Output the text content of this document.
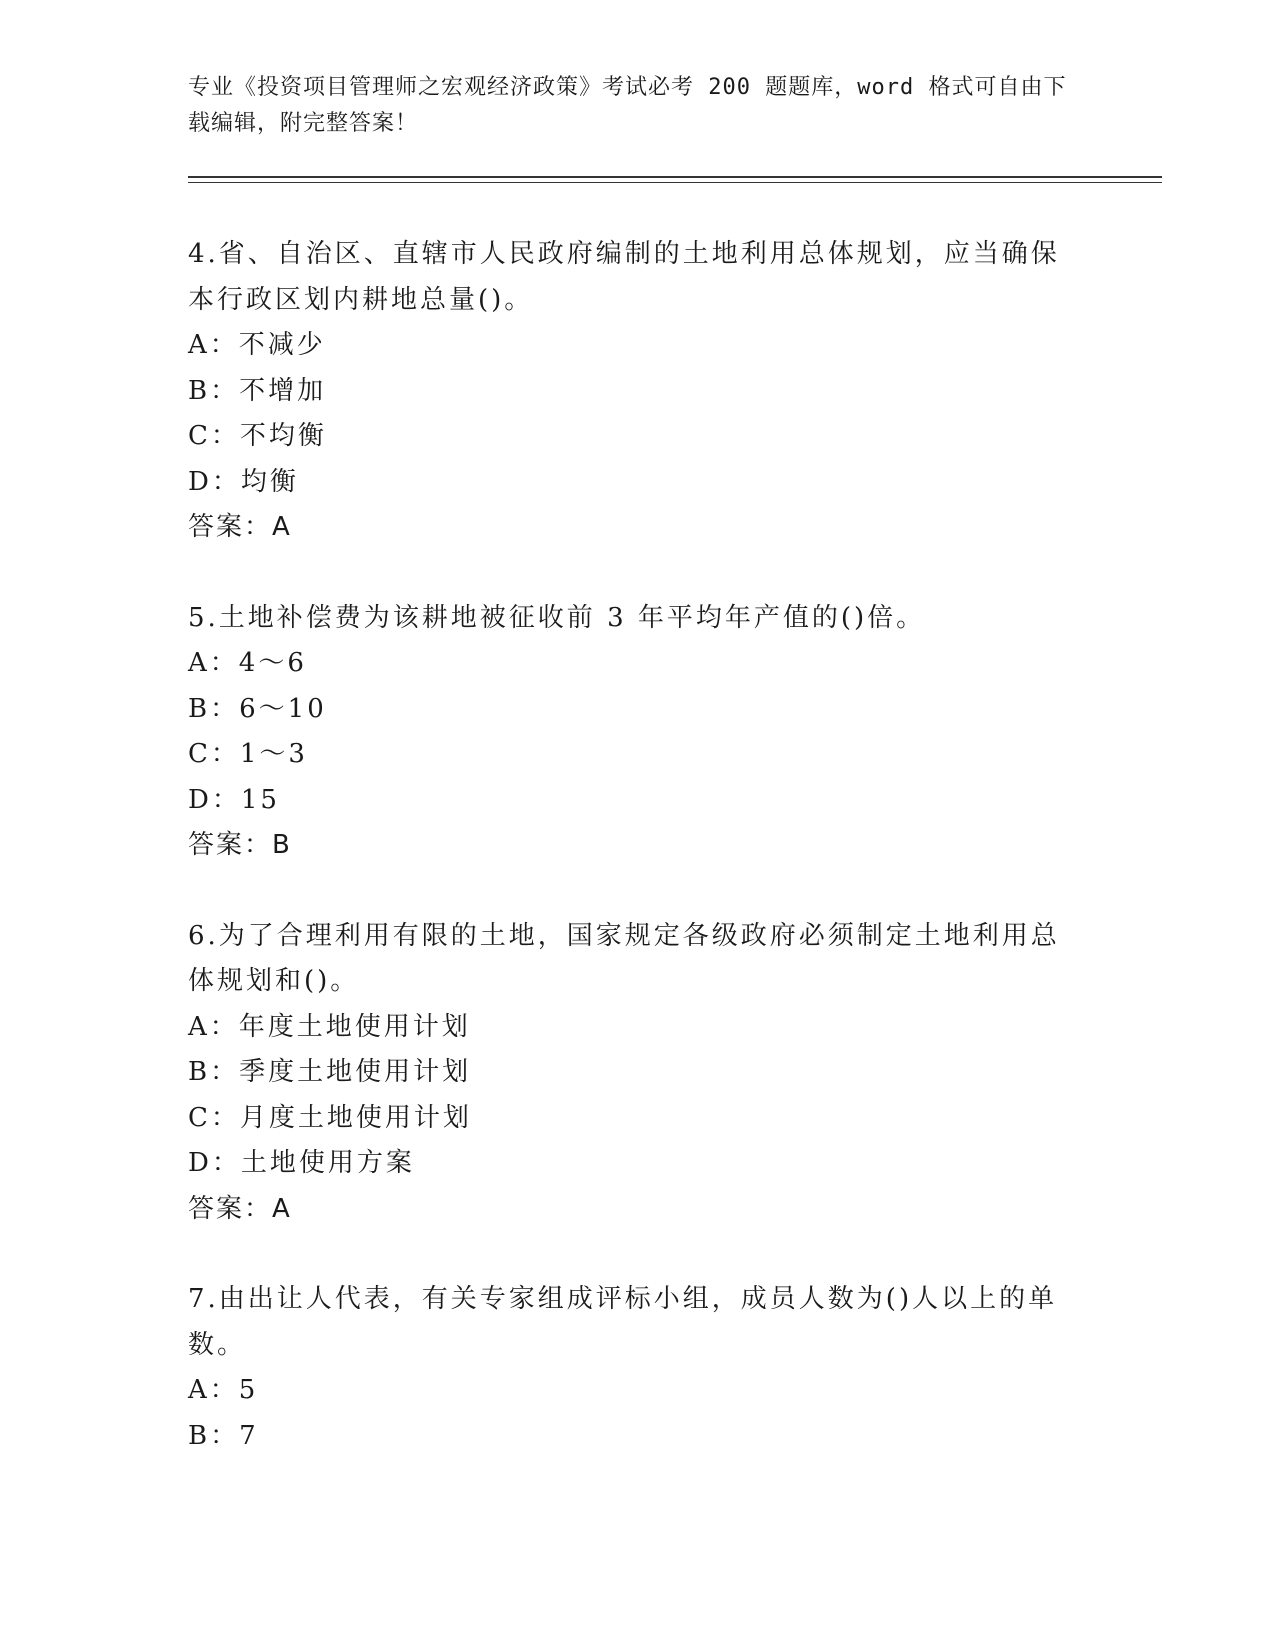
专业《投资项目管理师之宏观经济政策》考试必考 200 题题库，word 格式可自由下载编辑，附完整答案！

4.省、自治区、直辖市人民政府编制的土地利用总体规划，应当确保本行政区划内耕地总量()。

A：不减少

B：不增加

C：不均衡

D：均衡

答案：A

5.土地补偿费为该耕地被征收前 3 年平均年产值的()倍。

A：4～6

B：6～10

C：1～3

D：15

答案：B

6.为了合理利用有限的土地，国家规定各级政府必须制定土地利用总体规划和()。

A：年度土地使用计划

B：季度土地使用计划

C：月度土地使用计划

D：土地使用方案

答案：A

7.由出让人代表，有关专家组成评标小组，成员人数为()人以上的单数。

A：5

B：7
